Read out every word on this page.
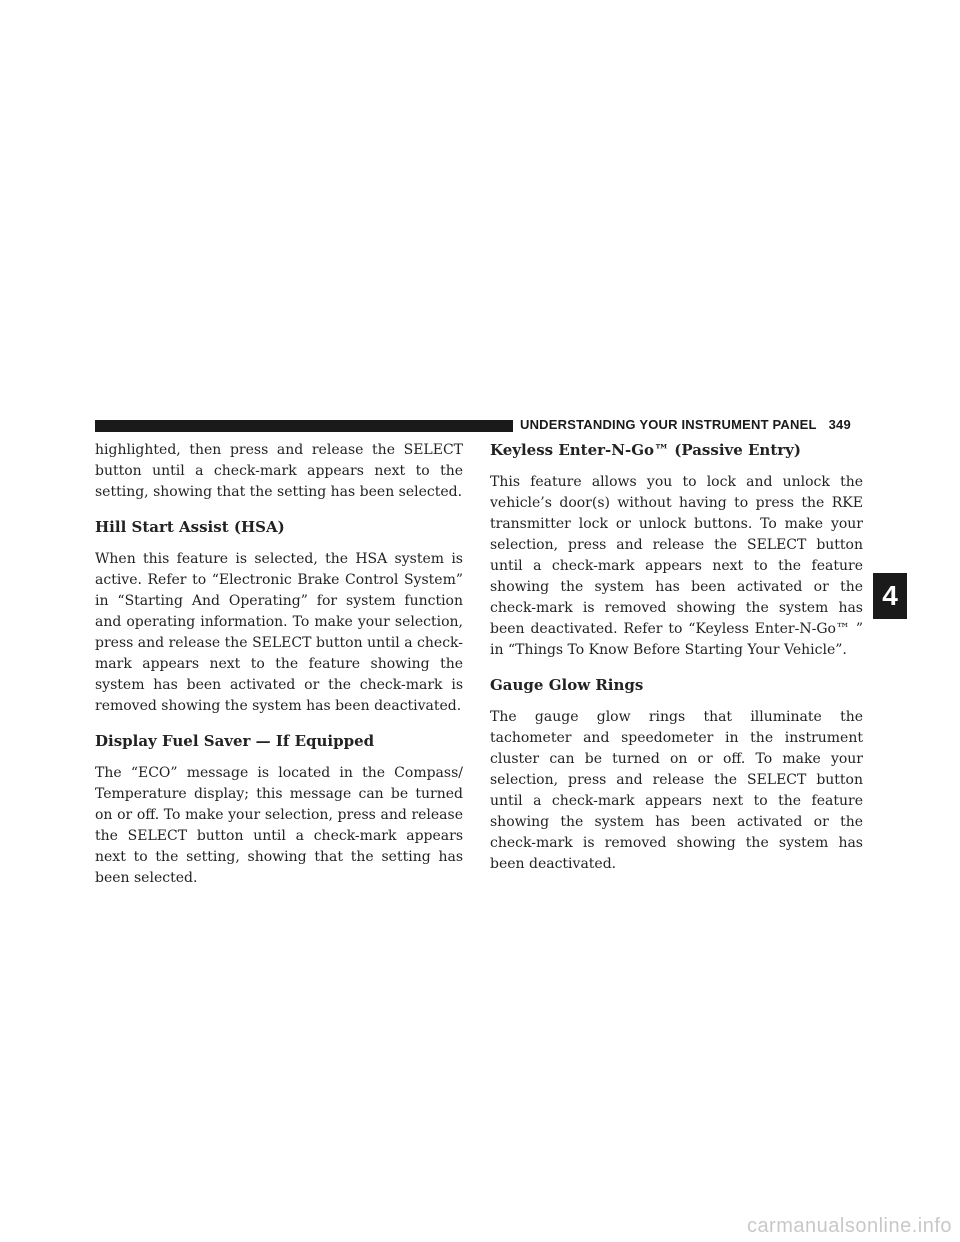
UNDERSTANDING YOUR INSTRUMENT PANEL 349

highlighted, then press and release the SELECT button until a check-mark appears next to the setting, showing that the setting has been selected.

Hill Start Assist (HSA)

When this feature is selected, the HSA system is active. Refer to “Electronic Brake Control System” in “Starting And Operating” for system function and operating information. To make your selection, press and release the SELECT button until a check-mark appears next to the feature showing the system has been activated or the check-mark is removed showing the system has been deactivated.

Display Fuel Saver — If Equipped

The “ECO” message is located in the Compass/ Temperature display; this message can be turned on or off. To make your selection, press and release the SELECT button until a check-mark appears next to the setting, showing that the setting has been selected.

Keyless Enter-N-Go™ (Passive Entry)

This feature allows you to lock and unlock the vehicle’s door(s) without having to press the RKE transmitter lock or unlock buttons. To make your selection, press and release the SELECT button until a check-mark appears next to the feature showing the system has been activated or the check-mark is removed showing the system has been deactivated. Refer to “Keyless Enter-N-Go™ ” in “Things To Know Before Starting Your Vehicle”.

Gauge Glow Rings

The gauge glow rings that illuminate the tachometer and speedometer in the instrument cluster can be turned on or off. To make your selection, press and release the SELECT button until a check-mark appears next to the feature showing the system has been activated or the check-mark is removed showing the system has been deactivated.

4
carmanualsonline.info
